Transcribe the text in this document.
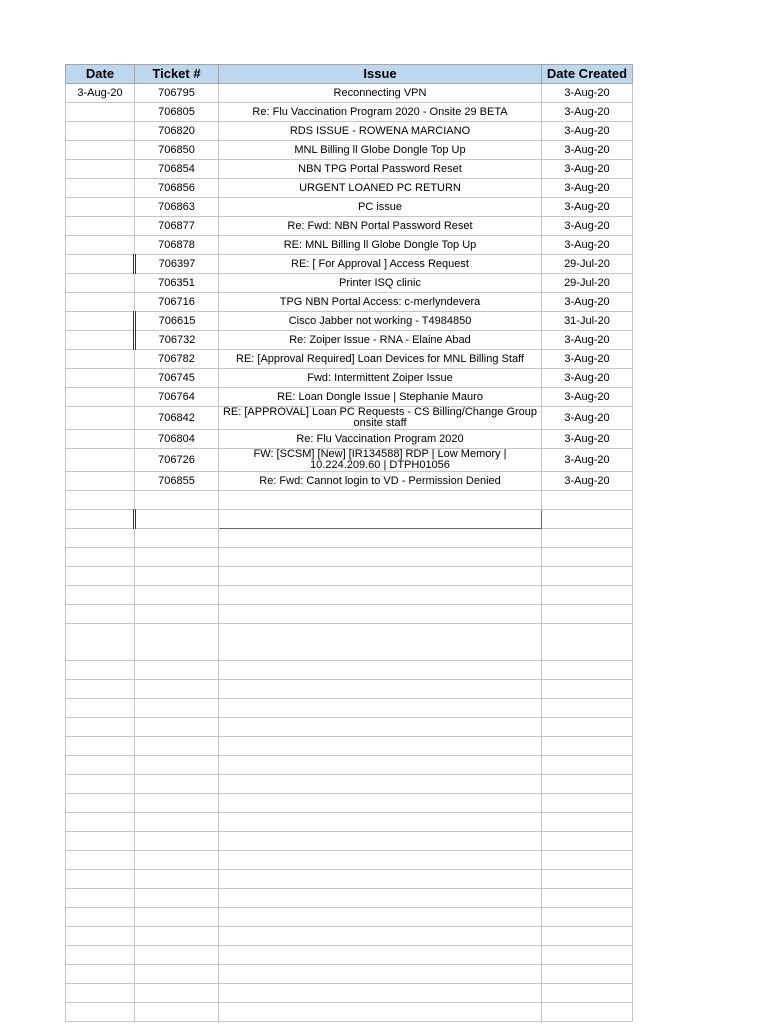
Date	Ticket #	Issue	Date Created
3-Aug-20	706795	Reconnecting VPN	3-Aug-20
	706805	Re: Flu Vaccination Program 2020 - Onsite 29 BETA	3-Aug-20
	706820	RDS ISSUE - ROWENA MARCIANO	3-Aug-20
	706850	MNL Billing ll Globe Dongle Top Up	3-Aug-20
	706854	NBN TPG Portal Password Reset	3-Aug-20
	706856	URGENT LOANED PC RETURN	3-Aug-20
	706863	PC issue	3-Aug-20
	706877	Re: Fwd: NBN Portal Password Reset	3-Aug-20
	706878	RE: MNL Billing ll Globe Dongle Top Up	3-Aug-20
	706397	RE: [ For Approval ] Access Request	29-Jul-20
	706351	Printer ISQ clinic	29-Jul-20
	706716	TPG NBN Portal Access: c-merlyndevera	3-Aug-20
	706615	Cisco Jabber not working - T4984850	31-Jul-20
	706732	Re: Zoiper Issue - RNA - Elaine Abad	3-Aug-20
	706782	RE: [Approval Required] Loan Devices for MNL Billing Staff	3-Aug-20
	706745	Fwd: Intermittent Zoiper Issue	3-Aug-20
	706764	RE: Loan Dongle Issue | Stephanie Mauro	3-Aug-20
	706842	RE: [APPROVAL] Loan PC Requests - CS Billing/Change Group onsite staff	3-Aug-20
	706804	Re: Flu Vaccination Program 2020	3-Aug-20
	706726	FW: [SCSM] [New] [IR134588] RDP | Low Memory | 10.224.209.60 | DTPH01056	3-Aug-20
	706855	Re: Fwd: Cannot login to VD - Permission Denied	3-Aug-20
